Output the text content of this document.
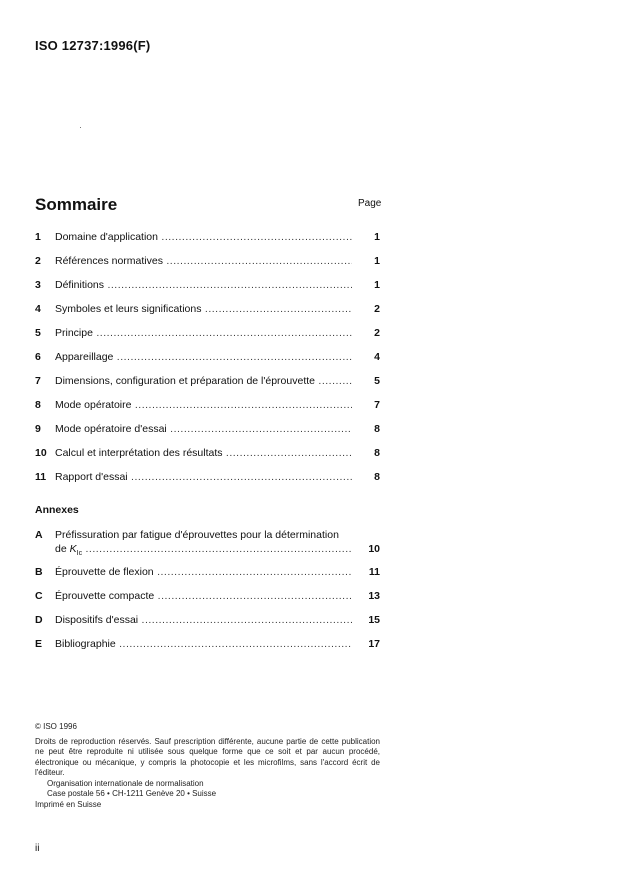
ISO 12737:1996(F)
Sommaire	Page
1	Domaine d'application .....	1
2	Références normatives .....	1
3	Définitions .....	1
4	Symboles et leurs significations .....	2
5	Principe .....	2
6	Appareillage .....	4
7	Dimensions, configuration et préparation de l'éprouvette .....	5
8	Mode opératoire .....	7
9	Mode opératoire d'essai .....	8
10 Calcul et interprétation des résultats .....	8
11 Rapport d'essai .....	8
Annexes
A	Préfissuration par fatigue d'éprouvettes pour la détermination
de $K_{Ic}$ .....	10
B	Éprouvette de flexion .....	11
C	Éprouvette compacte .....	13
D	Dispositifs d'essai .....	15
E	Bibliographie .....	17

© ISO 1996

Droits de reproduction réservés. Sauf prescription différente, aucune partie de cette publication ne peut être reproduite ni utilisée sous quelque forme que ce soit et par aucun procédé, électronique ou mécanique, y compris la photocopie et les microfilms, sans l'accord écrit de l'éditeur.

Organisation internationale de normalisation

Case postale 56 • CH-1211 Genève 20 • Suisse

Imprimé en Suisse

ii
